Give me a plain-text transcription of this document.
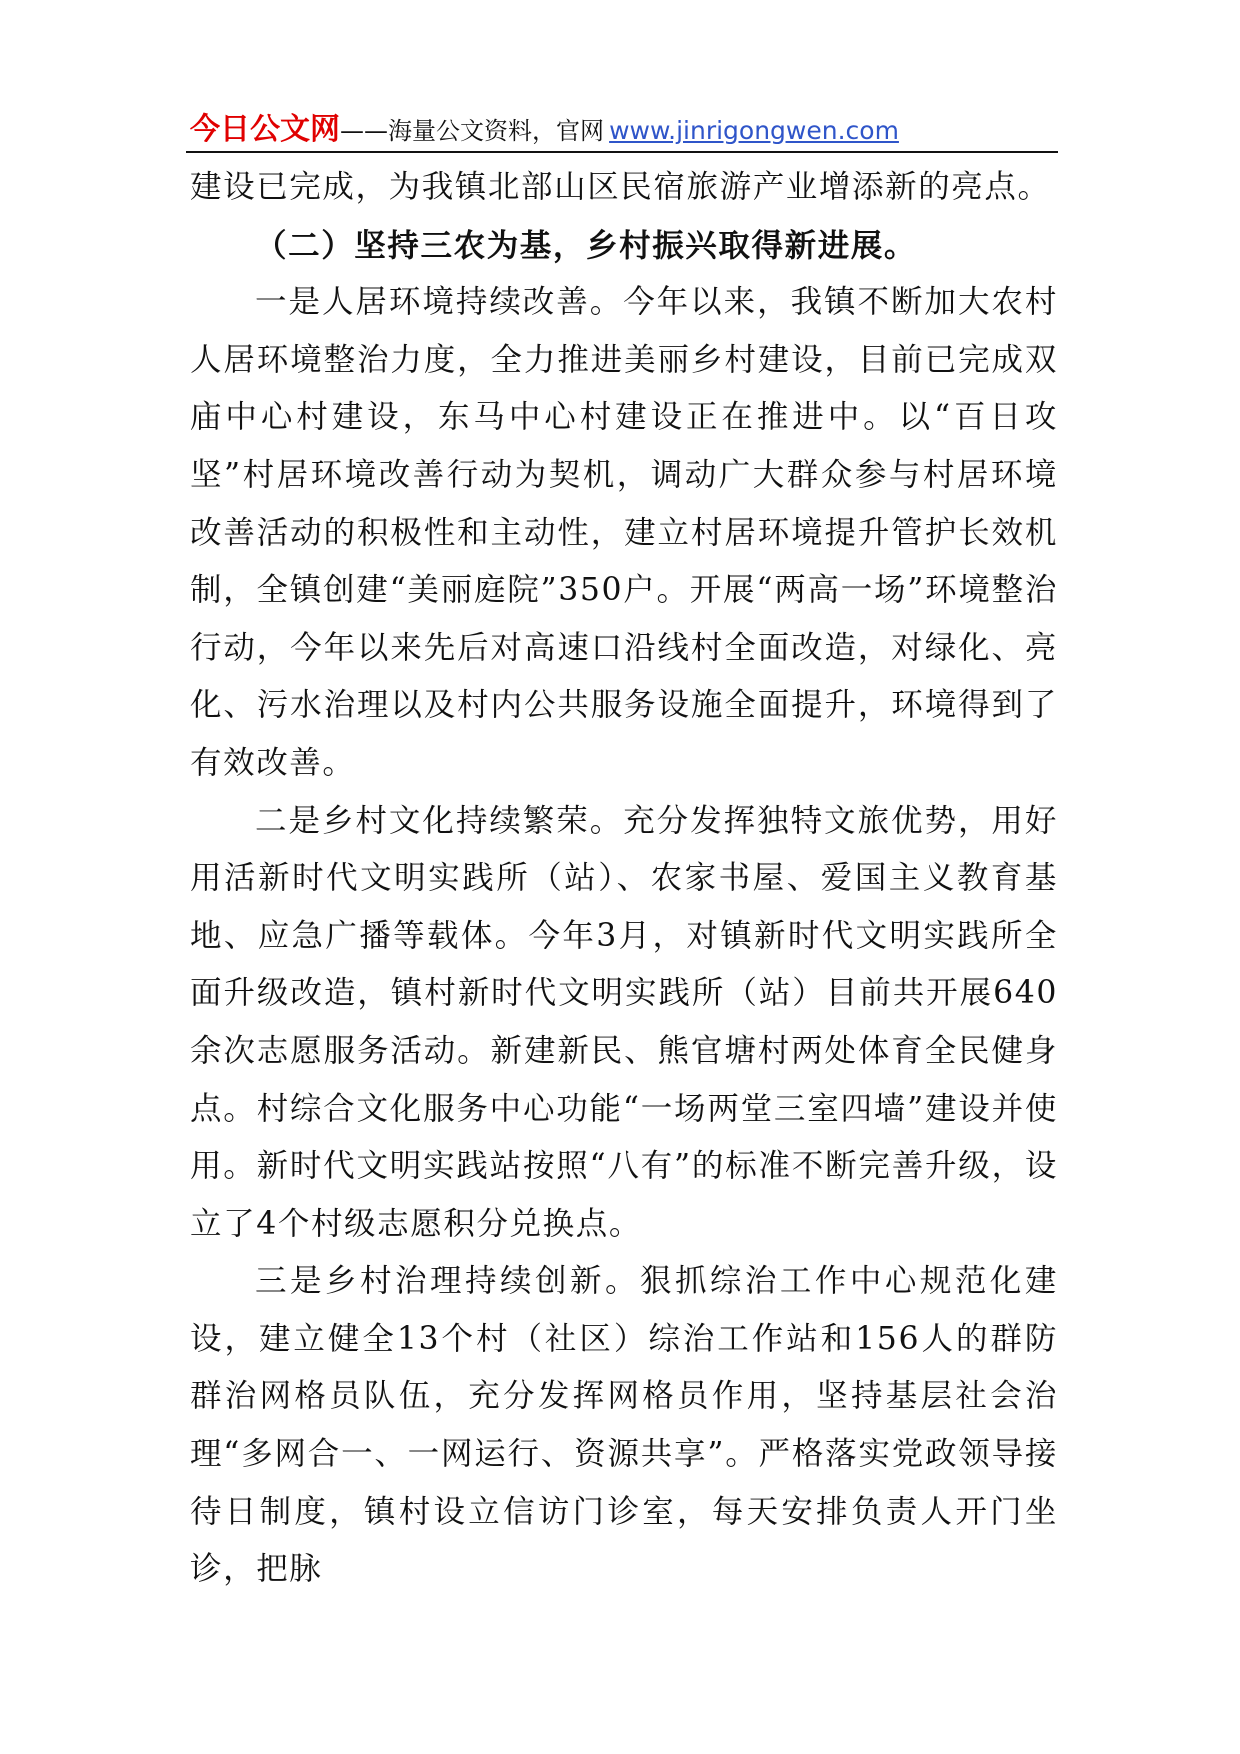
今日公文网——海量公文资料，官网 www.jinrigongwen.com

建设已完成，为我镇北部山区民宿旅游产业增添新的亮点。

（二）坚持三农为基，乡村振兴取得新进展。

一是人居环境持续改善。今年以来，我镇不断加大农村人居环境整治力度，全力推进美丽乡村建设，目前已完成双庙中心村建设，东马中心村建设正在推进中。以“百日攻坚”村居环境改善行动为契机，调动广大群众参与村居环境改善活动的积极性和主动性，建立村居环境提升管护长效机制，全镇创建“美丽庭院”350户。开展“两高一场”环境整治行动，今年以来先后对高速口沿线村全面改造，对绿化、亮化、污水治理以及村内公共服务设施全面提升，环境得到了有效改善。

二是乡村文化持续繁荣。充分发挥独特文旅优势，用好用活新时代文明实践所（站）、农家书屋、爱国主义教育基地、应急广播等载体。今年3月，对镇新时代文明实践所全面升级改造，镇村新时代文明实践所（站）目前共开展640余次志愿服务活动。新建新民、熊官塘村两处体育全民健身点。村综合文化服务中心功能“一场两堂三室四墙”建设并使用。新时代文明实践站按照“八有”的标准不断完善升级，设立了4个村级志愿积分兑换点。

三是乡村治理持续创新。狠抓综治工作中心规范化建设，建立健全13个村（社区）综治工作站和156人的群防群治网格员队伍，充分发挥网格员作用，坚持基层社会治理“多网合一、一网运行、资源共享”。严格落实党政领导接待日制度，镇村设立信访门诊室，每天安排负责人开门坐诊，把脉
